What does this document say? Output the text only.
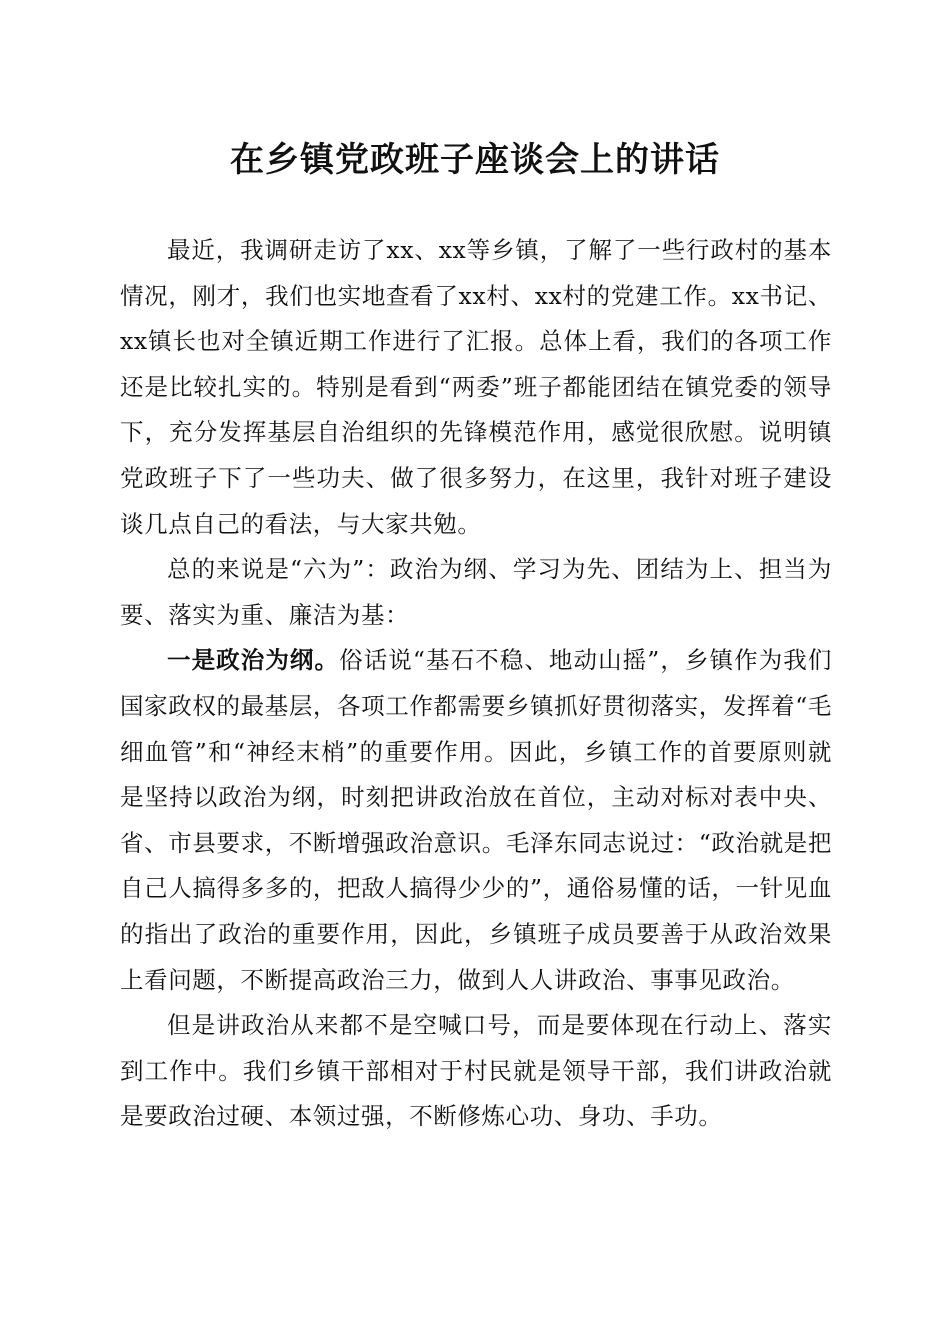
在乡镇党政班子座谈会上的讲话

最近，我调研走访了xx、xx等乡镇，了解了一些行政村的基本情况，刚才，我们也实地查看了xx村、xx村的党建工作。xx书记、xx镇长也对全镇近期工作进行了汇报。总体上看，我们的各项工作还是比较扎实的。特别是看到“两委”班子都能团结在镇党委的领导下，充分发挥基层自治组织的先锋模范作用，感觉很欣慰。说明镇党政班子下了一些功夫、做了很多努力，在这里，我针对班子建设谈几点自己的看法，与大家共勉。

总的来说是“六为”：政治为纲、学习为先、团结为上、担当为要、落实为重、廉洁为基：

一是政治为纲。俗话说“基石不稳、地动山摇”，乡镇作为我们国家政权的最基层，各项工作都需要乡镇抓好贯彻落实，发挥着“毛细血管”和“神经末梢”的重要作用。因此，乡镇工作的首要原则就是坚持以政治为纲，时刻把讲政治放在首位，主动对标对表中央、省、市县要求，不断增强政治意识。毛泽东同志说过：“政治就是把自己人搞得多多的，把敌人搞得少少的”，通俗易懂的话，一针见血的指出了政治的重要作用，因此，乡镇班子成员要善于从政治效果上看问题，不断提高政治三力，做到人人讲政治、事事见政治。

但是讲政治从来都不是空喊口号，而是要体现在行动上、落实到工作中。我们乡镇干部相对于村民就是领导干部，我们讲政治就是要政治过硬、本领过强，不断修炼心功、身功、手功。
